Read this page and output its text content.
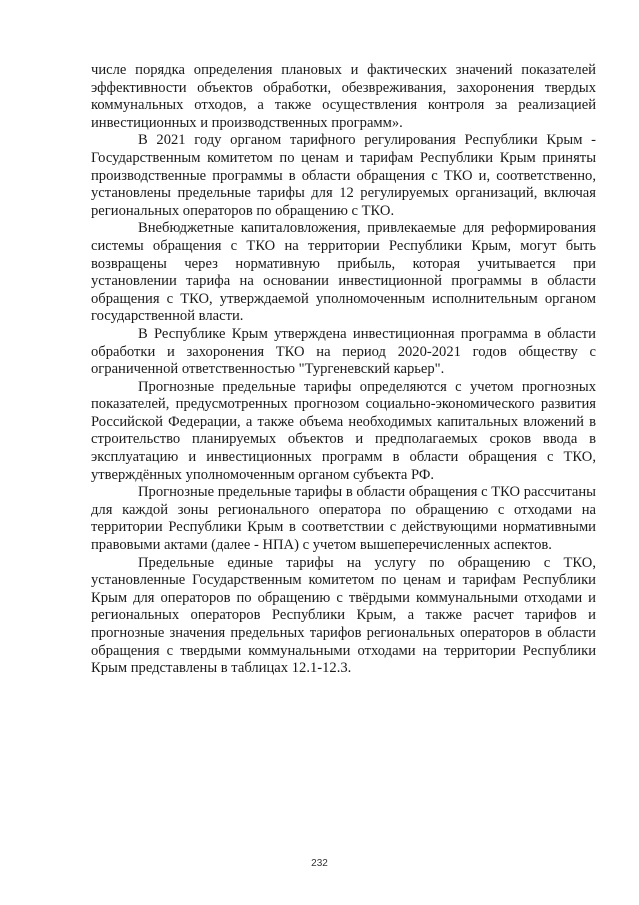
числе порядка определения плановых и фактических значений показателей эффективности объектов обработки, обезвреживания, захоронения твердых коммунальных отходов, а также осуществления контроля за реализацией инвестиционных и производственных программ».

В 2021 году органом тарифного регулирования Республики Крым - Государственным комитетом по ценам и тарифам Республики Крым приняты производственные программы в области обращения с ТКО и, соответственно, установлены предельные тарифы для 12 регулируемых организаций, включая региональных операторов по обращению с ТКО.

Внебюджетные капиталовложения, привлекаемые для реформирования системы обращения с ТКО на территории Республики Крым, могут быть возвращены через нормативную прибыль, которая учитывается при установлении тарифа на основании инвестиционной программы в области обращения с ТКО, утверждаемой уполномоченным исполнительным органом государственной власти.

В Республике Крым утверждена инвестиционная программа в области обработки и захоронения ТКО на период 2020-2021 годов обществу с ограниченной ответственностью "Тургеневский карьер".

Прогнозные предельные тарифы определяются с учетом прогнозных показателей, предусмотренных прогнозом социально-экономического развития Российской Федерации, а также объема необходимых капитальных вложений в строительство планируемых объектов и предполагаемых сроков ввода в эксплуатацию и инвестиционных программ в области обращения с ТКО, утверждённых уполномоченным органом субъекта РФ.

Прогнозные предельные тарифы в области обращения с ТКО рассчитаны для каждой зоны регионального оператора по обращению с отходами на территории Республики Крым в соответствии с действующими нормативными правовыми актами (далее - НПА) с учетом вышеперечисленных аспектов.

Предельные единые тарифы на услугу по обращению с ТКО, установленные Государственным комитетом по ценам и тарифам Республики Крым для операторов по обращению с твёрдыми коммунальными отходами и региональных операторов Республики Крым, а также расчет тарифов и прогнозные значения предельных тарифов региональных операторов в области обращения с твердыми коммунальными отходами на территории Республики Крым представлены в таблицах 12.1-12.3.

232
